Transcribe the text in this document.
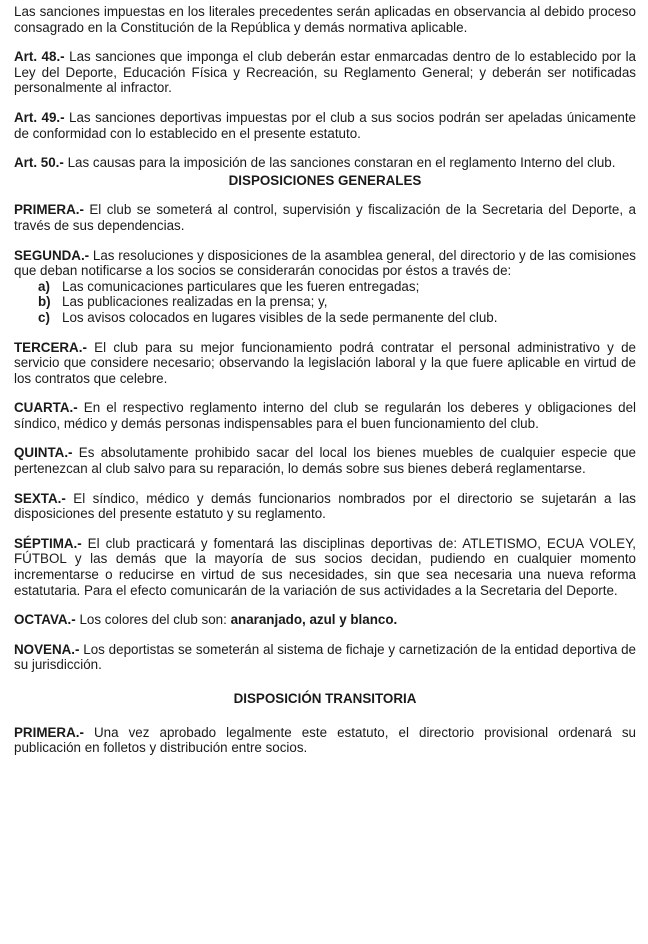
Las sanciones impuestas en los literales precedentes serán aplicadas en observancia al debido proceso consagrado en la Constitución de la República y demás normativa aplicable.

Art. 48.- Las sanciones que imponga el club deberán estar enmarcadas dentro de lo establecido por la Ley del Deporte, Educación Física y Recreación, su Reglamento General; y deberán ser notificadas personalmente al infractor.

Art. 49.- Las sanciones deportivas impuestas por el club a sus socios podrán ser apeladas únicamente de conformidad con lo establecido en el presente estatuto.

Art. 50.- Las causas para la imposición de las sanciones constaran en el reglamento Interno del club.

DISPOSICIONES GENERALES

PRIMERA.- El club se someterá al control, supervisión y fiscalización de la Secretaria del Deporte, a través de sus dependencias.

SEGUNDA.- Las resoluciones y disposiciones de la asamblea general, del directorio y de las comisiones que deban notificarse a los socios se considerarán conocidas por éstos a través de:

a) Las comunicaciones particulares que les fueren entregadas;
b) Las publicaciones realizadas en la prensa; y,
c) Los avisos colocados en lugares visibles de la sede permanente del club.

TERCERA.- El club para su mejor funcionamiento podrá contratar el personal administrativo y de servicio que considere necesario; observando la legislación laboral y la que fuere aplicable en virtud de los contratos que celebre.

CUARTA.- En el respectivo reglamento interno del club se regularán los deberes y obligaciones del síndico, médico y demás personas indispensables para el buen funcionamiento del club.

QUINTA.- Es absolutamente prohibido sacar del local los bienes muebles de cualquier especie que pertenezcan al club salvo para su reparación, lo demás sobre sus bienes deberá reglamentarse.

SEXTA.- El síndico, médico y demás funcionarios nombrados por el directorio se sujetarán a las disposiciones del presente estatuto y su reglamento.

SÉPTIMA.- El club practicará y fomentará las disciplinas deportivas de: ATLETISMO, ECUA VOLEY, FÚTBOL y las demás que la mayoría de sus socios decidan, pudiendo en cualquier momento incrementarse o reducirse en virtud de sus necesidades, sin que sea necesaria una nueva reforma estatutaria. Para el efecto comunicarán de la variación de sus actividades a la Secretaria del Deporte.

OCTAVA.- Los colores del club son: anaranjado, azul y blanco.

NOVENA.- Los deportistas se someterán al sistema de fichaje y carnetización de la entidad deportiva de su jurisdicción.

DISPOSICIÓN TRANSITORIA

PRIMERA.- Una vez aprobado legalmente este estatuto, el directorio provisional ordenará su publicación en folletos y distribución entre socios.
